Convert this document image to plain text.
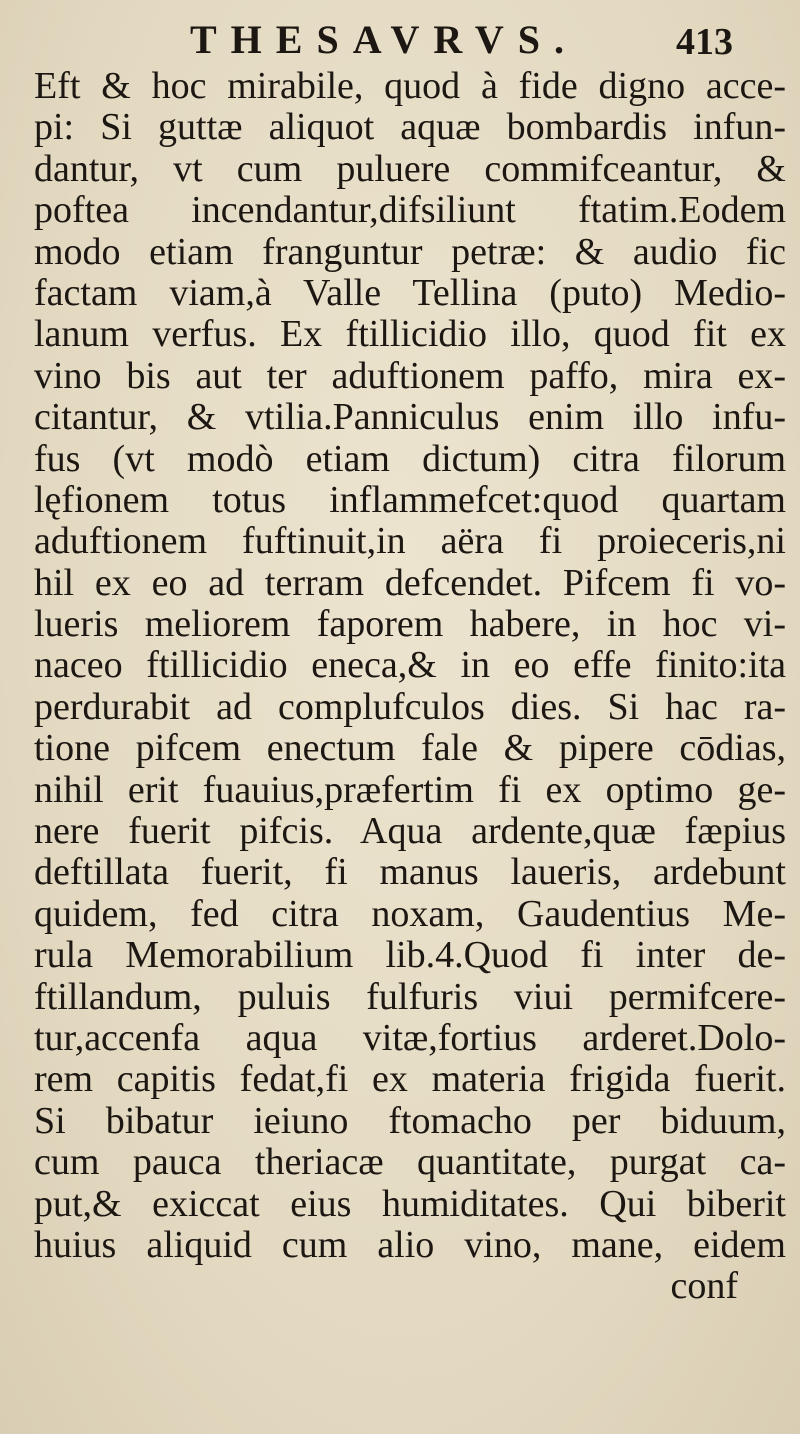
THESAVRVS.	413
Eft & hoc mirabile, quod à fide digno acce-
pi: Si guttæ aliquot aquæ bombardis infun-
dantur, vt cum puluere commifceantur, &
poftea incendantur,difsiliunt ftatim.Eodem
modo etiam franguntur petræ: & audio fic
factam viam,à Valle Tellina (puto) Medio-
lanum verfus. Ex ftillicidio illo, quod fit ex
vino bis aut ter aduftionem paffo, mira ex-
citantur, & vtilia.Panniculus enim illo infu-
fus (vt modò etiam dictum) citra filorum
lęfionem totus inflammefcet:quod quartam
aduftionem fuftinuit,in aëra fi proieceris,ni
hil ex eo ad terram defcendet. Pifcem fi vo-
lueris meliorem faporem habere, in hoc vi-
naceo ftillicidio eneca,& in eo effe finito:ita
perdurabit ad complufculos dies. Si hac ra-
tione pifcem enectum fale & pipere cōdias,
nihil erit fuauius,præfertim fi ex optimo ge-
nere fuerit pifcis. Aqua ardente,quæ fæpius
deftillata fuerit, fi manus laueris, ardebunt
quidem, fed citra noxam, Gaudentius Me-
rula Memorabilium lib.4.Quod fi inter de-
ftillandum, puluis fulfuris viui permifcere-
tur,accenfa aqua vitæ,fortius arderet.Dolo-
rem capitis fedat,fi ex materia frigida fuerit.
Si bibatur ieiuno ftomacho per biduum,
cum pauca theriacæ quantitate, purgat ca-
put,& exiccat eius humiditates. Qui biberit
huius aliquid cum alio vino, mane, eidem
conf
